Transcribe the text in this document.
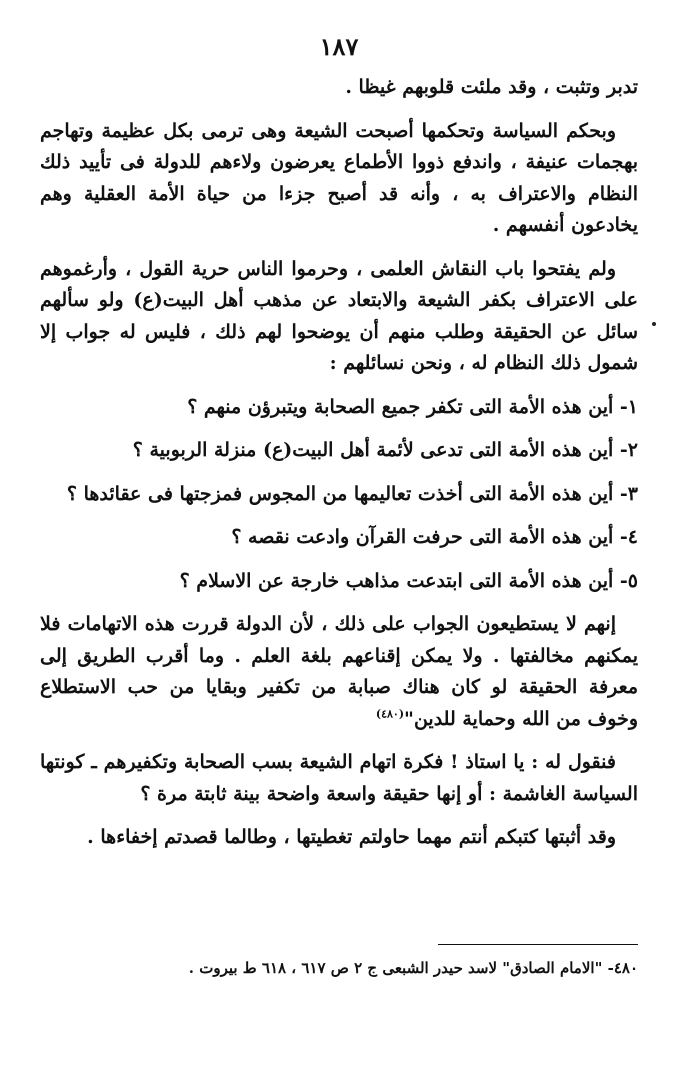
١٨٧

تدبر وتثبت ، وقد ملئت قلوبهم غيظا .

وبحكم السياسة وتحكمها أصبحت الشيعة وهى ترمى بكل عظيمة وتهاجم بهجمات عنيفة ، واندفع ذووا الأطماع يعرضون ولاءهم للدولة فى تأييد ذلك النظام والاعتراف به ، وأنه قد أصبح جزءا من حياة الأمة العقلية وهم يخادعون أنفسهم .

ولم يفتحوا باب النقاش العلمى ، وحرموا الناس حرية القول ، وأرغموهم على الاعتراف بكفر الشيعة والابتعاد عن مذهب أهل البيت(ع) ولو سألهم سائل عن الحقيقة وطلب منهم أن يوضحوا لهم ذلك ، فليس له جواب إلا شمول ذلك النظام له ، ونحن نسائلهم :

١- أين هذه الأمة التى تكفر جميع الصحابة ويتبرؤن منهم ؟
٢- أين هذه الأمة التى تدعى لأئمة أهل البيت(ع) منزلة الربوبية ؟
٣- أين هذه الأمة التى أخذت تعاليمها من المجوس فمزجتها فى عقائدها ؟
٤- أين هذه الأمة التى حرفت القرآن وادعت نقصه ؟
٥- أين هذه الأمة التى ابتدعت مذاهب خارجة عن الاسلام ؟

إنهم لا يستطيعون الجواب على ذلك ، لأن الدولة قررت هذه الاتهامات فلا يمكنهم مخالفتها . ولا يمكن إقناعهم بلغة العلم . وما أقرب الطريق إلى معرفة الحقيقة لو كان هناك صبابة من تكفير وبقايا من حب الاستطلاع وخوف من الله وحماية للدين"$^{(٤٨٠)}$

فنقول له : يا استاذ ! فكرة اتهام الشيعة بسب الصحابة وتكفيرهم ـ كونتها السياسة الغاشمة : أو إنها حقيقة واسعة واضحة بينة ثابتة مرة ؟

وقد أثبتها كتبكم أنتم مهما حاولتم تغطيتها ، وطالما قصدتم إخفاءها .

٤٨٠- "الامام الصادق" لاسد حيدر الشبعى ج ٢ ص ٦١٧ ، ٦١٨ ط بيروت .
